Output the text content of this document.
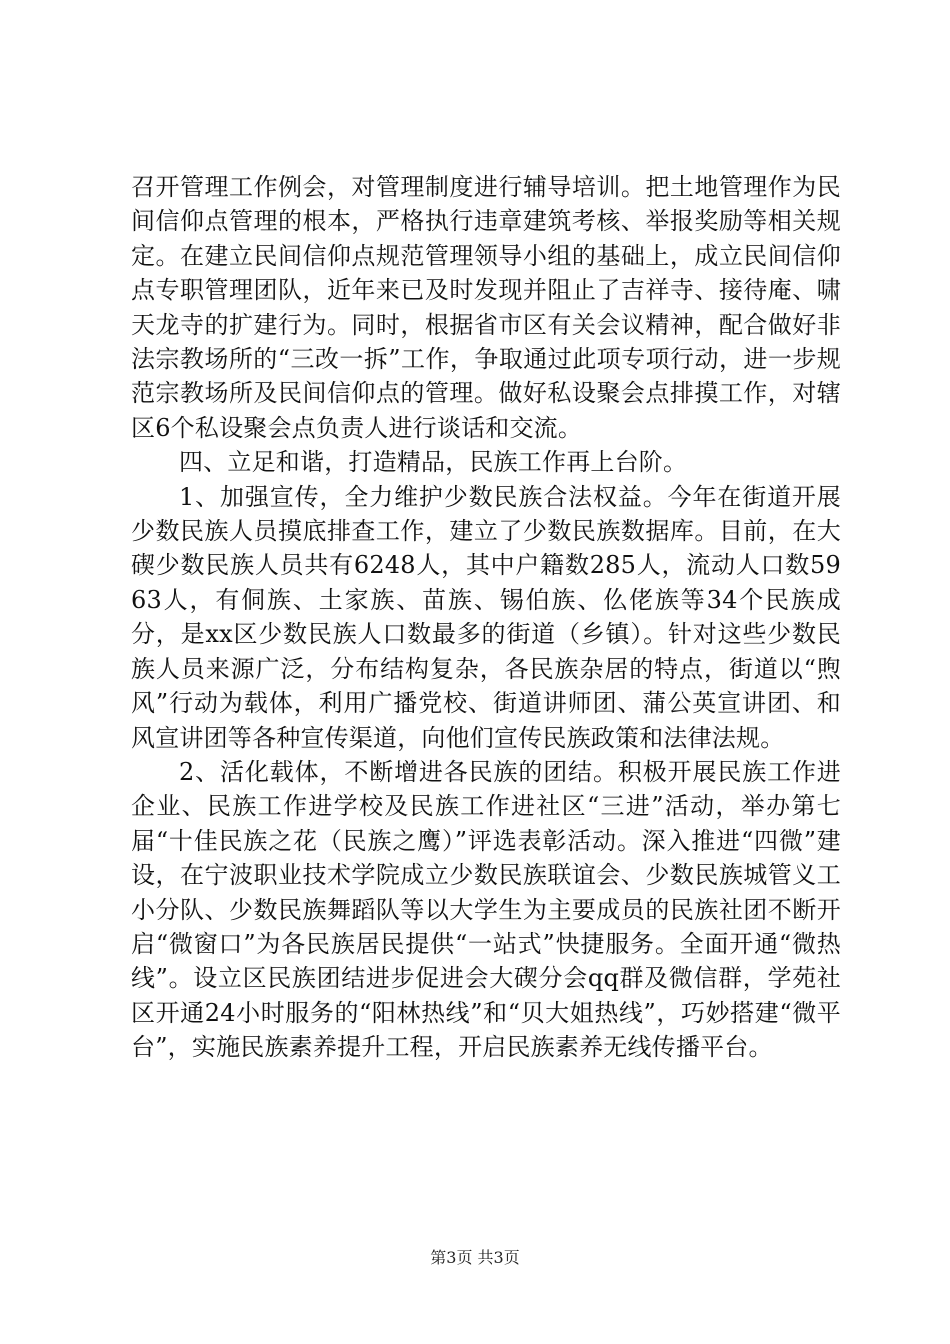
召开管理工作例会，对管理制度进行辅导培训。把土地管理作为民间信仰点管理的根本，严格执行违章建筑考核、举报奖励等相关规定。在建立民间信仰点规范管理领导小组的基础上，成立民间信仰点专职管理团队，近年来已及时发现并阻止了吉祥寺、接待庵、啸天龙寺的扩建行为。同时，根据省市区有关会议精神，配合做好非法宗教场所的“三改一拆”工作，争取通过此项专项行动，进一步规范宗教场所及民间信仰点的管理。做好私设聚会点排摸工作，对辖区6个私设聚会点负责人进行谈话和交流。

四、立足和谐，打造精品，民族工作再上台阶。

1、加强宣传，全力维护少数民族合法权益。今年在街道开展少数民族人员摸底排查工作，建立了少数民族数据库。目前，在大碶少数民族人员共有6248人，其中户籍数285人，流动人口数5963人，有侗族、土家族、苗族、锡伯族、仫佬族等34个民族成分，是xx区少数民族人口数最多的街道（乡镇）。针对这些少数民族人员来源广泛，分布结构复杂，各民族杂居的特点，街道以“煦风”行动为载体，利用广播党校、街道讲师团、蒲公英宣讲团、和风宣讲团等各种宣传渠道，向他们宣传民族政策和法律法规。

2、活化载体，不断增进各民族的团结。积极开展民族工作进企业、民族工作进学校及民族工作进社区“三进”活动，举办第七届“十佳民族之花（民族之鹰）”评选表彰活动。深入推进“四微”建设，在宁波职业技术学院成立少数民族联谊会、少数民族城管义工小分队、少数民族舞蹈队等以大学生为主要成员的民族社团不断开启“微窗口”为各民族居民提供“一站式”快捷服务。全面开通“微热线”。设立区民族团结进步促进会大碶分会qq群及微信群，学苑社区开通24小时服务的“阳林热线”和“贝大姐热线”，巧妙搭建“微平台”，实施民族素养提升工程，开启民族素养无线传播平台。

第3页 共3页
